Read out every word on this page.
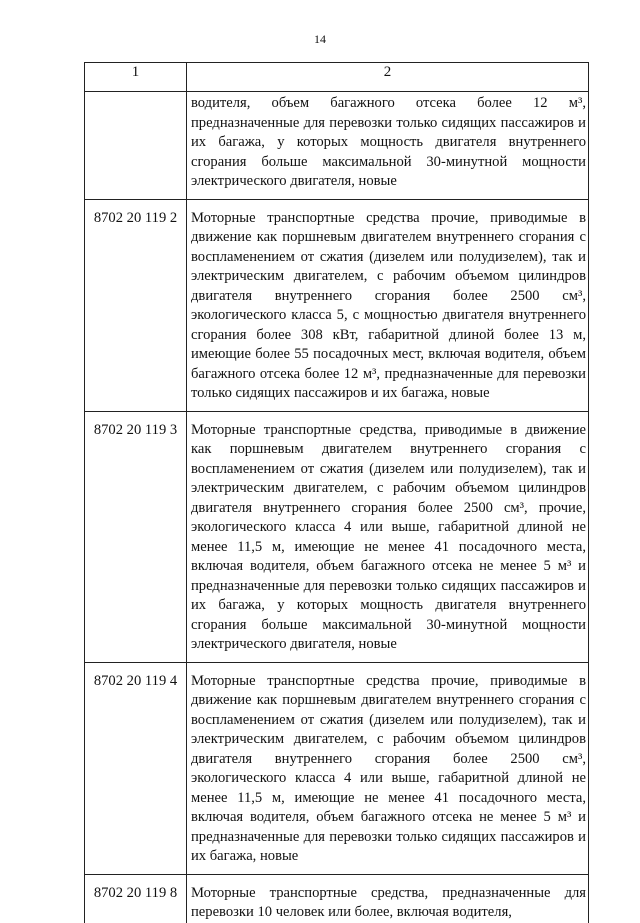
14
1	2
	водителя, объем багажного отсека более 12 м³, предназначенные для перевозки только сидящих пассажиров и их багажа, у которых мощность двигателя внутреннего сгорания больше максимальной 30-минутной мощности электрического двигателя, новые
8702 20 119 2	Моторные транспортные средства прочие, приводимые в движение как поршневым двигателем внутреннего сгорания с воспламенением от сжатия (дизелем или полудизелем), так и электрическим двигателем, с рабочим объемом цилиндров двигателя внутреннего сгорания более 2500 см³, экологического класса 5, с мощностью двигателя внутреннего сгорания более 308 кВт, габаритной длиной более 13 м, имеющие более 55 посадочных мест, включая водителя, объем багажного отсека более 12 м³, предназначенные для перевозки только сидящих пассажиров и их багажа, новые
8702 20 119 3	Моторные транспортные средства, приводимые в движение как поршневым двигателем внутреннего сгорания с воспламенением от сжатия (дизелем или полудизелем), так и электрическим двигателем, с рабочим объемом цилиндров двигателя внутреннего сгорания более 2500 см³, прочие, экологического класса 4 или выше, габаритной длиной не менее 11,5 м, имеющие не менее 41 посадочного места, включая водителя, объем багажного отсека не менее 5 м³ и предназначенные для перевозки только сидящих пассажиров и их багажа, у которых мощность двигателя внутреннего сгорания больше максимальной 30-минутной мощности электрического двигателя, новые
8702 20 119 4	Моторные транспортные средства прочие, приводимые в движение как поршневым двигателем внутреннего сгорания с воспламенением от сжатия (дизелем или полудизелем), так и электрическим двигателем, с рабочим объемом цилиндров двигателя внутреннего сгорания более 2500 см³, экологического класса 4 или выше, габаритной длиной не менее 11,5 м, имеющие не менее 41 посадочного места, включая водителя, объем багажного отсека не менее 5 м³ и предназначенные для перевозки только сидящих пассажиров и их багажа, новые
8702 20 119 8	Моторные транспортные средства, предназначенные для перевозки 10 человек или более, включая водителя,
